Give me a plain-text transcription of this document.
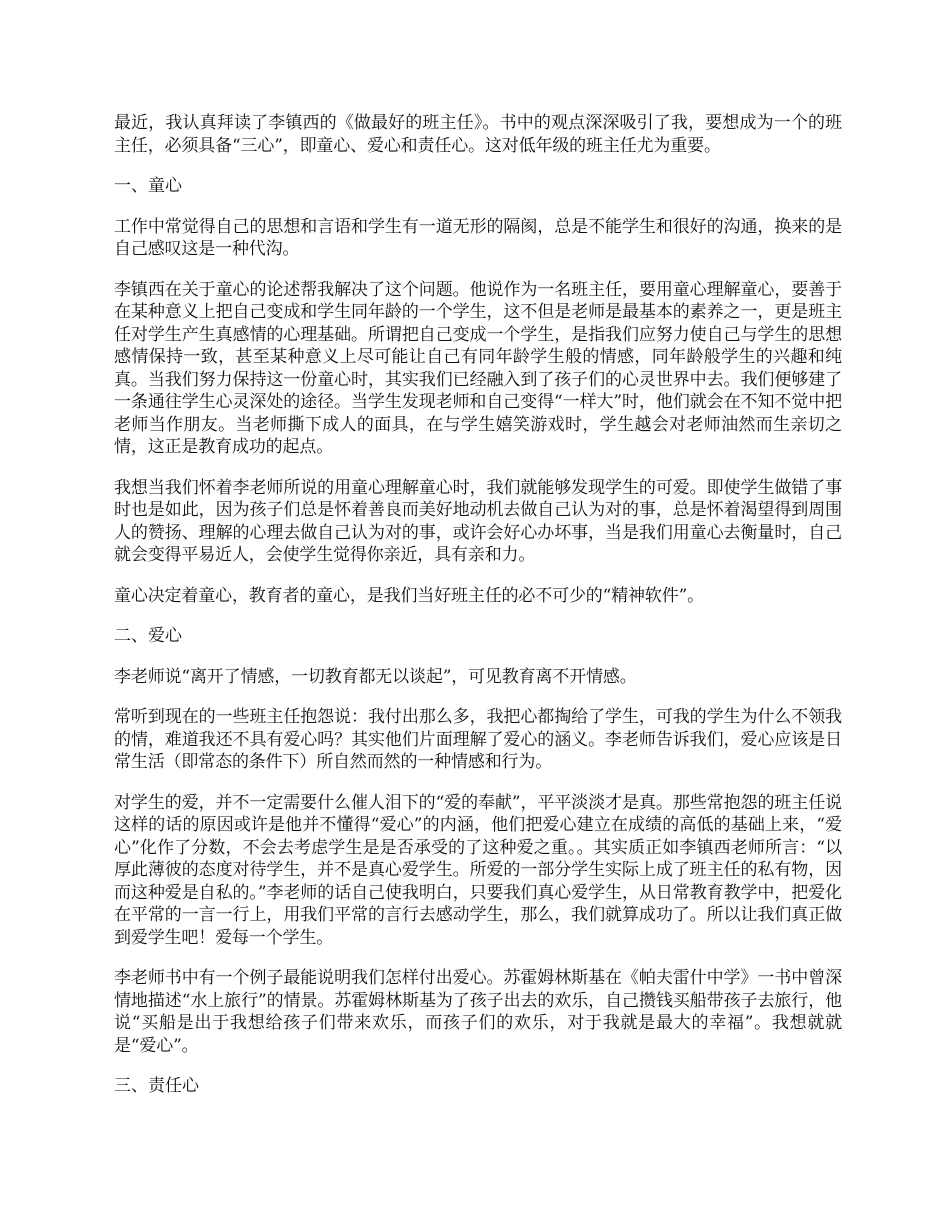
最近，我认真拜读了李镇西的《做最好的班主任》。书中的观点深深吸引了我，要想成为一个的班主任，必须具备“三心”，即童心、爱心和责任心。这对低年级的班主任尤为重要。

一、童心

工作中常觉得自己的思想和言语和学生有一道无形的隔阂，总是不能学生和很好的沟通，换来的是自己感叹这是一种代沟。

李镇西在关于童心的论述帮我解决了这个问题。他说作为一名班主任，要用童心理解童心，要善于在某种意义上把自己变成和学生同年龄的一个学生，这不但是老师是最基本的素养之一，更是班主任对学生产生真感情的心理基础。所谓把自己变成一个学生，是指我们应努力使自己与学生的思想感情保持一致，甚至某种意义上尽可能让自己有同年龄学生般的情感，同年龄般学生的兴趣和纯真。当我们努力保持这一份童心时，其实我们已经融入到了孩子们的心灵世界中去。我们便够建了一条通往学生心灵深处的途径。当学生发现老师和自己变得“一样大”时，他们就会在不知不觉中把老师当作朋友。当老师撕下成人的面具，在与学生嬉笑游戏时，学生越会对老师油然而生亲切之情，这正是教育成功的起点。

我想当我们怀着李老师所说的用童心理解童心时，我们就能够发现学生的可爱。即使学生做错了事时也是如此，因为孩子们总是怀着善良而美好地动机去做自己认为对的事，总是怀着渴望得到周围人的赞扬、理解的心理去做自己认为对的事，或许会好心办坏事，当是我们用童心去衡量时，自己就会变得平易近人，会使学生觉得你亲近，具有亲和力。

童心决定着童心，教育者的童心，是我们当好班主任的必不可少的“精神软件”。

二、爱心

李老师说“离开了情感，一切教育都无以谈起”，可见教育离不开情感。

常听到现在的一些班主任抱怨说：我付出那么多，我把心都掏给了学生，可我的学生为什么不领我的情，难道我还不具有爱心吗？其实他们片面理解了爱心的涵义。李老师告诉我们，爱心应该是日常生活（即常态的条件下）所自然而然的一种情感和行为。

对学生的爱，并不一定需要什么催人泪下的“爱的奉献”，平平淡淡才是真。那些常抱怨的班主任说这样的话的原因或许是他并不懂得“爱心”的内涵，他们把爱心建立在成绩的高低的基础上来，“爱心”化作了分数，不会去考虑学生是是否承受的了这种爱之重。。其实质正如李镇西老师所言：“以厚此薄彼的态度对待学生，并不是真心爱学生。所爱的一部分学生实际上成了班主任的私有物，因而这种爱是自私的。”李老师的话自己使我明白，只要我们真心爱学生，从日常教育教学中，把爱化在平常的一言一行上，用我们平常的言行去感动学生，那么，我们就算成功了。所以让我们真正做到爱学生吧！爱每一个学生。

李老师书中有一个例子最能说明我们怎样付出爱心。苏霍姆林斯基在《帕夫雷什中学》一书中曾深情地描述“水上旅行”的情景。苏霍姆林斯基为了孩子出去的欢乐，自己攒钱买船带孩子去旅行，他说“买船是出于我想给孩子们带来欢乐，而孩子们的欢乐，对于我就是最大的幸福”。我想就就是“爱心”。

三、责任心
